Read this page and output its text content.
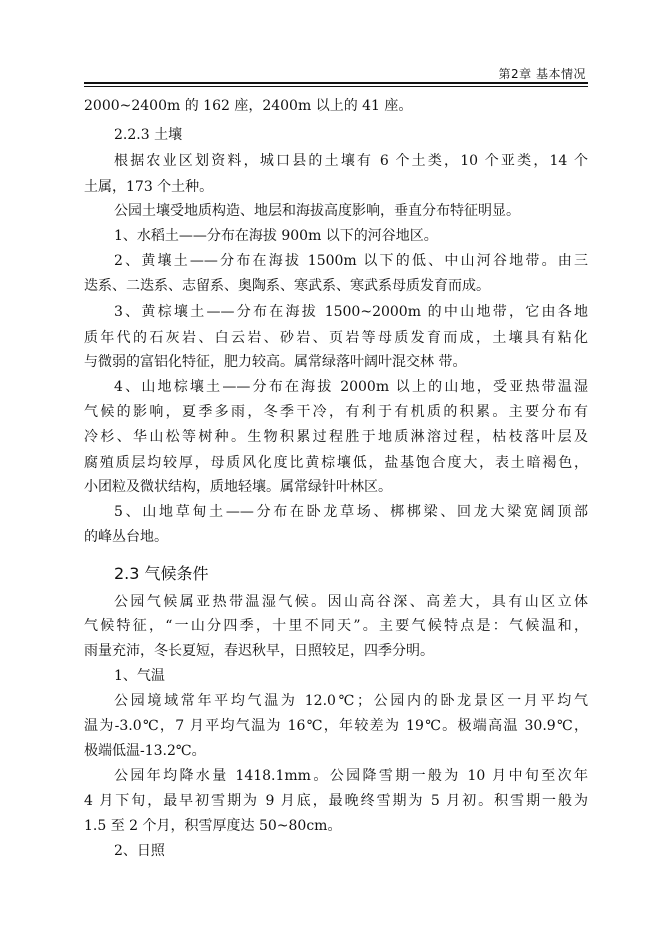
第2章 基本情况
2000~2400m 的 162 座，2400m 以上的 41 座。
2.2.3 土壤
根据农业区划资料，城口县的土壤有 6 个土类，10 个亚类，14 个
土属，173 个土种。
公园土壤受地质构造、地层和海拔高度影响，垂直分布特征明显。
1、水稻土——分布在海拔 900m 以下的河谷地区。
2、黄壤土——分布在海拔 1500m 以下的低、中山河谷地带。由三
迭系、二迭系、志留系、奥陶系、寒武系、寒武系母质发育而成。
3、黄棕壤土——分布在海拔 1500~2000m 的中山地带，它由各地
质年代的石灰岩、白云岩、砂岩、页岩等母质发育而成，土壤具有粘化
与微弱的富铝化特征，肥力较高。属常绿落叶阔叶混交林 带。
4、山地棕壤土——分布在海拔 2000m 以上的山地，受亚热带温湿
气候的影响，夏季多雨，冬季干冷，有利于有机质的积累。主要分布有
冷杉、华山松等树种。生物积累过程胜于地质淋溶过程，枯枝落叶层及
腐殖质层均较厚，母质风化度比黄棕壤低，盐基饱合度大，表土暗褐色，
小团粒及微状结构，质地轻壤。属常绿针叶林区。
5、山地草甸土——分布在卧龙草场、梆梆梁、回龙大梁宽阔顶部
的峰丛台地。
2.3 气候条件
公园气候属亚热带温湿气候。因山高谷深、高差大，具有山区立体
气候特征，“一山分四季，十里不同天”。主要气候特点是：气候温和，
雨量充沛，冬长夏短，春迟秋早，日照较足，四季分明。
1、气温
公园境域常年平均气温为 12.0℃；公园内的卧龙景区一月平均气
温为-3.0℃，7 月平均气温为 16℃，年较差为 19℃。极端高温 30.9℃，
极端低温-13.2℃。
公园年均降水量 1418.1mm。公园降雪期一般为 10 月中旬至次年
4 月下旬，最早初雪期为 9 月底，最晚终雪期为 5 月初。积雪期一般为
1.5 至 2 个月，积雪厚度达 50~80cm。
2、日照
